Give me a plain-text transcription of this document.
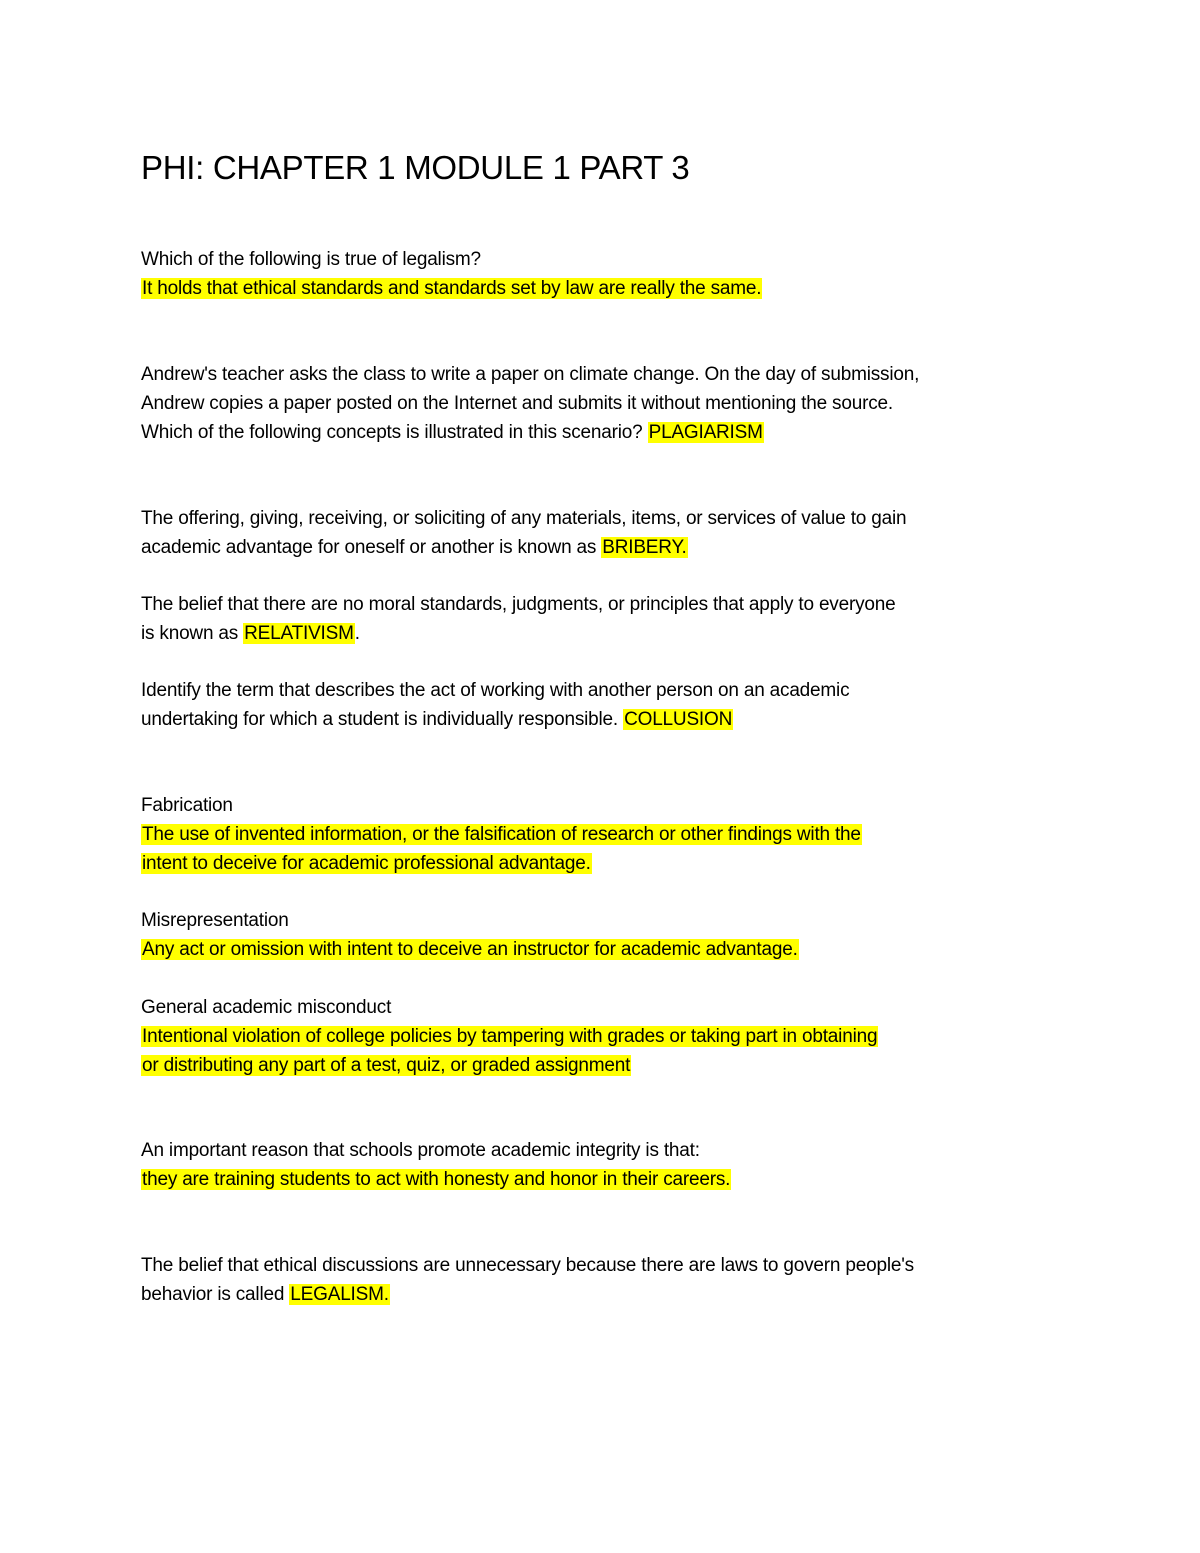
PHI: CHAPTER 1 MODULE 1 PART 3
Which of the following is true of legalism?
It holds that ethical standards and standards set by law are really the same.
Andrew's teacher asks the class to write a paper on climate change. On the day of submission,
Andrew copies a paper posted on the Internet and submits it without mentioning the source.
Which of the following concepts is illustrated in this scenario? PLAGIARISM
The offering, giving, receiving, or soliciting of any materials, items, or services of value to gain
academic advantage for oneself or another is known as BRIBERY.
The belief that there are no moral standards, judgments, or principles that apply to everyone
is known as RELATIVISM.
Identify the term that describes the act of working with another person on an academic
undertaking for which a student is individually responsible. COLLUSION
Fabrication
The use of invented information, or the falsification of research or other findings with the
intent to deceive for academic professional advantage.
Misrepresentation
Any act or omission with intent to deceive an instructor for academic advantage.
General academic misconduct
Intentional violation of college policies by tampering with grades or taking part in obtaining
or distributing any part of a test, quiz, or graded assignment
An important reason that schools promote academic integrity is that:
they are training students to act with honesty and honor in their careers.
The belief that ethical discussions are unnecessary because there are laws to govern people's
behavior is called LEGALISM.
